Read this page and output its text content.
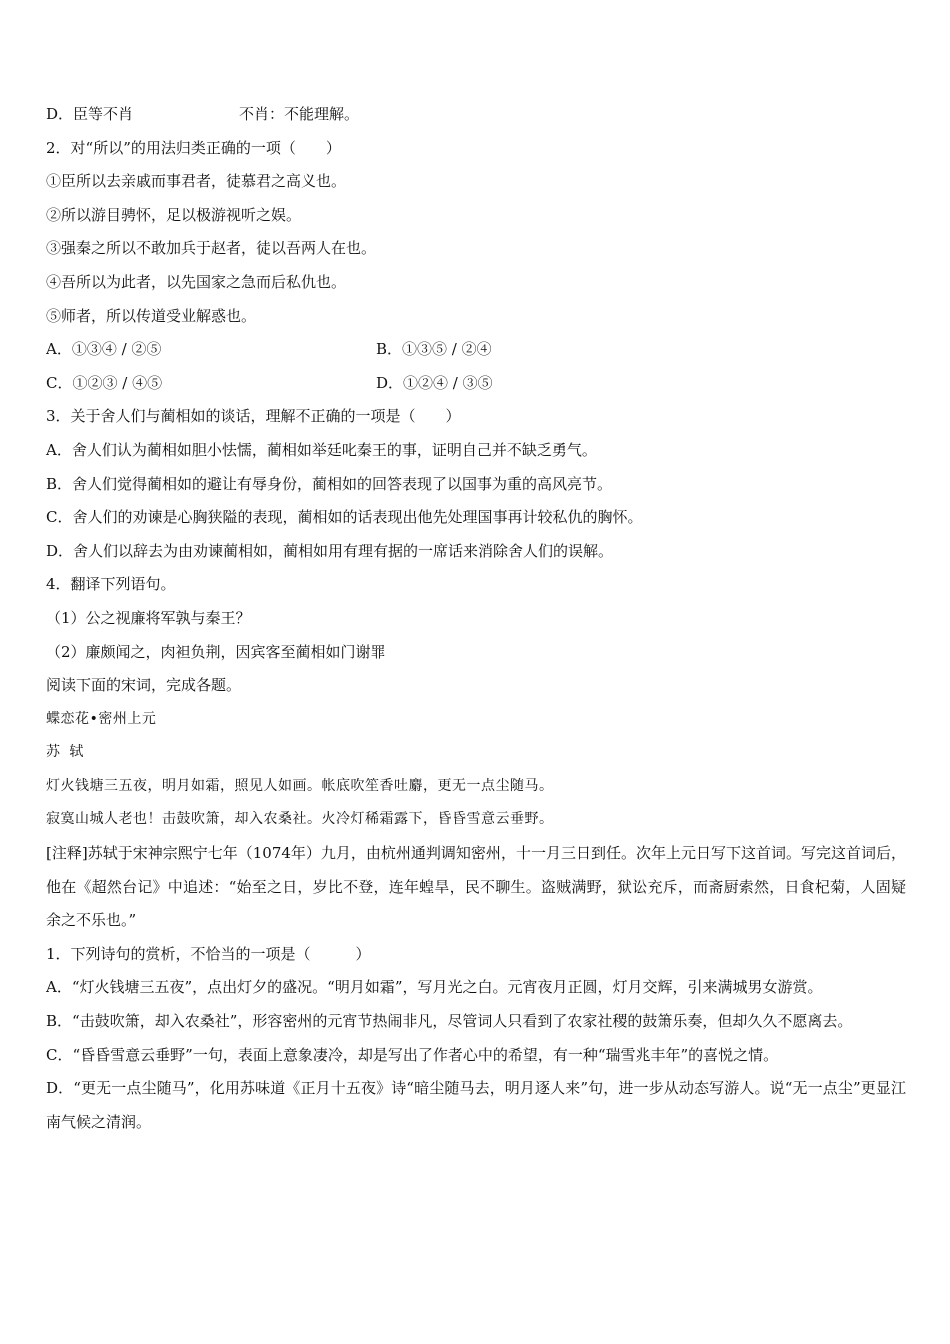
D．臣等不肖	不肖：不能理解。
2．对“所以”的用法归类正确的一项（　　）
①臣所以去亲戚而事君者，徒慕君之高义也。
②所以游目骋怀，足以极游视听之娱。
③强秦之所以不敢加兵于赵者，徒以吾两人在也。
④吾所以为此者，以先国家之急而后私仇也。
⑤师者，所以传道受业解惑也。
A．①③④ / ②⑤	B．①③⑤ / ②④
C．①②③ / ④⑤	D．①②④ / ③⑤
3．关于舍人们与蔺相如的谈话，理解不正确的一项是（　　）
A．舍人们认为蔺相如胆小怯懦，蔺相如举廷叱秦王的事，证明自己并不缺乏勇气。
B．舍人们觉得蔺相如的避让有辱身份，蔺相如的回答表现了以国事为重的高风亮节。
C．舍人们的劝谏是心胸狭隘的表现，蔺相如的话表现出他先处理国事再计较私仇的胸怀。
D．舍人们以辞去为由劝谏蔺相如，蔺相如用有理有据的一席话来消除舍人们的误解。
4．翻译下列语句。
（1）公之视廉将军孰与秦王？
（2）廉颇闻之，肉袒负荆，因宾客至蔺相如门谢罪
阅读下面的宋词，完成各题。
蝶恋花•密州上元
苏 轼
灯火钱塘三五夜，明月如霜，照见人如画。帐底吹笙香吐麝，更无一点尘随马。
寂寞山城人老也！击鼓吹箫，却入农桑社。火冷灯稀霜露下，昏昏雪意云垂野。
[注释]苏轼于宋神宗熙宁七年（1074年）九月，由杭州通判调知密州，十一月三日到任。次年上元日写下这首词。写完这首词后，他在《超然台记》中追述：“始至之日，岁比不登，连年蝗旱，民不聊生。盗贼满野，狱讼充斥，而斋厨索然，日食杞菊，人固疑余之不乐也。”
1．下列诗句的赏析，不恰当的一项是（　　　）
A．“灯火钱塘三五夜”，点出灯夕的盛况。“明月如霜”，写月光之白。元宵夜月正圆，灯月交辉，引来满城男女游赏。
B．“击鼓吹箫，却入农桑社”，形容密州的元宵节热闹非凡，尽管词人只看到了农家社稷的鼓箫乐奏，但却久久不愿离去。
C．“昏昏雪意云垂野”一句，表面上意象凄冷，却是写出了作者心中的希望，有一种“瑞雪兆丰年”的喜悦之情。
D．“更无一点尘随马”，化用苏味道《正月十五夜》诗“暗尘随马去，明月逐人来”句，进一步从动态写游人。说“无一点尘”更显江南气候之清润。
